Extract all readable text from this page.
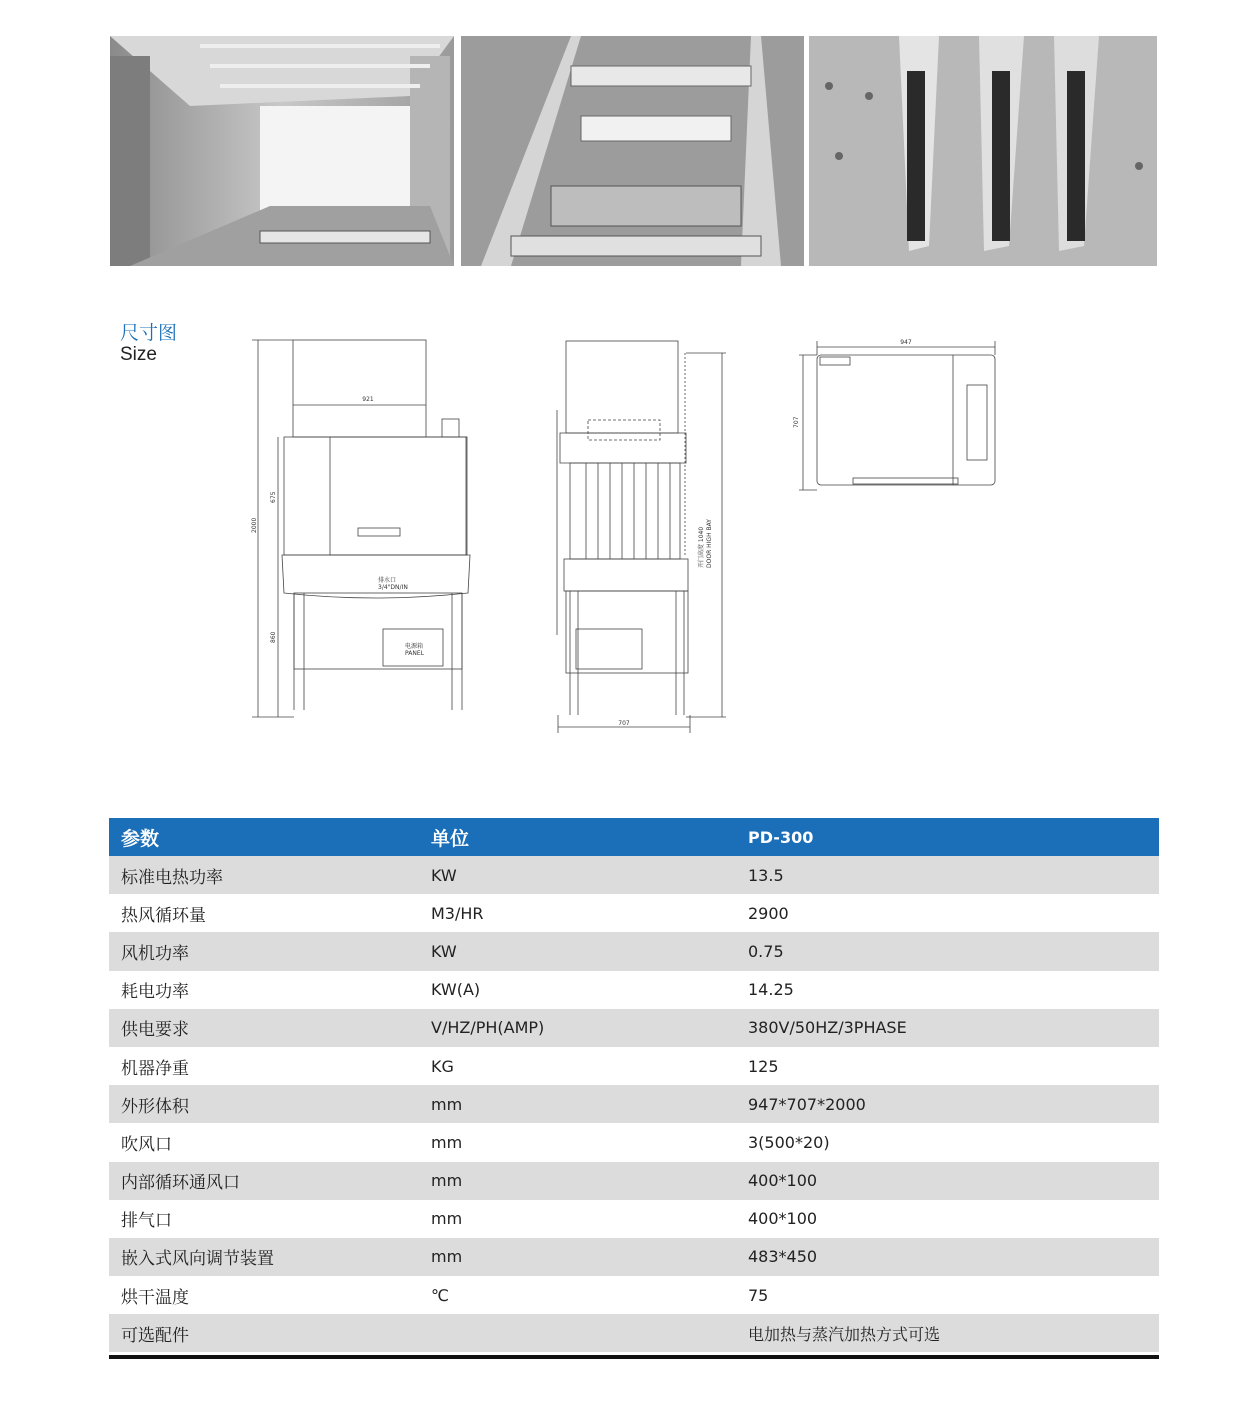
尺寸图
Size
921
2000
675
860
排水口
3/4"DN/IN
电源箱
PANEL
707
开门高度 1040 DOOR HIGH BAY
947
707
参数	单位	PD-300
标准电热功率	KW	13.5
热风循环量	M3/HR	2900
风机功率	KW	0.75
耗电功率	KW(A)	14.25
供电要求	V/HZ/PH(AMP)	380V/50HZ/3PHASE
机器净重	KG	125
外形体积	mm	947*707*2000
吹风口	mm	3(500*20)
内部循环通风口	mm	400*100
排气口	mm	400*100
嵌入式风向调节装置	mm	483*450
烘干温度	℃	75
可选配件		电加热与蒸汽加热方式可选
